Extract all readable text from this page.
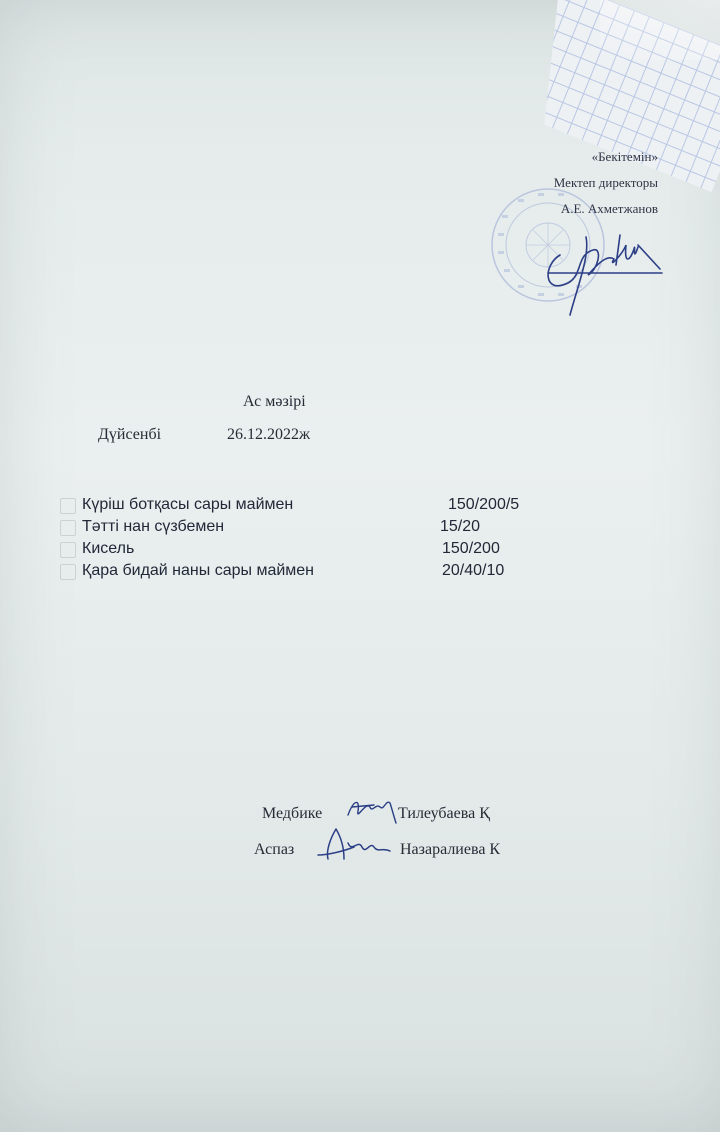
«Бекітемін»
Мектеп директоры
А.Е. Ахметжанов
Ас мәзірі
Дүйсенбі	26.12.2022ж
Күріш ботқасы сары маймен	150/200/5
Тәтті нан сүзбемен	15/20
Кисель	150/200
Қара бидай наны сары маймен	20/40/10
Медбике	Тилеубаева Қ
Аспаз	Назаралиева К
